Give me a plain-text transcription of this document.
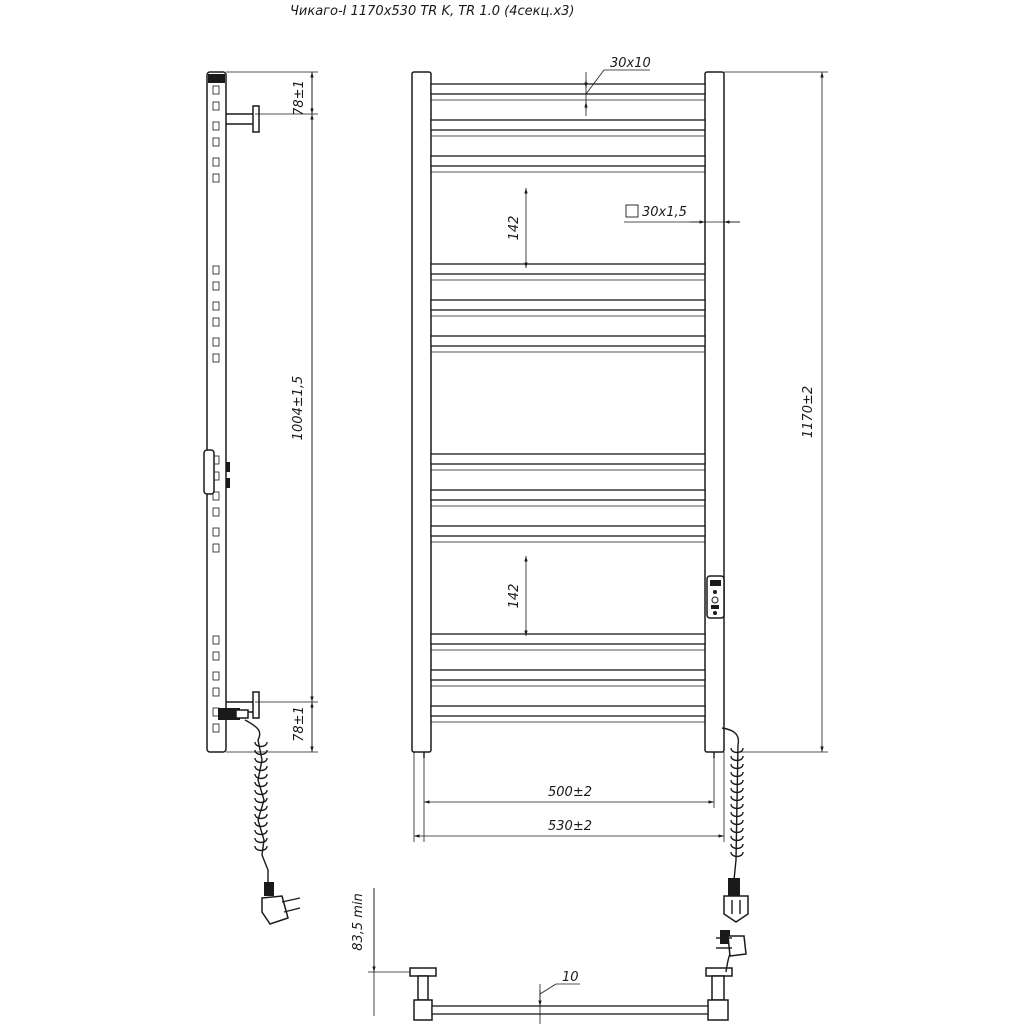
Чикаго-I 1170х530 TR K, TR 1.0 (4секц.х3)
78±1
1004±1,5
78±1
30х10
30х1,5
142
142
1170±2
500±2
530±2
83,5 min
10
